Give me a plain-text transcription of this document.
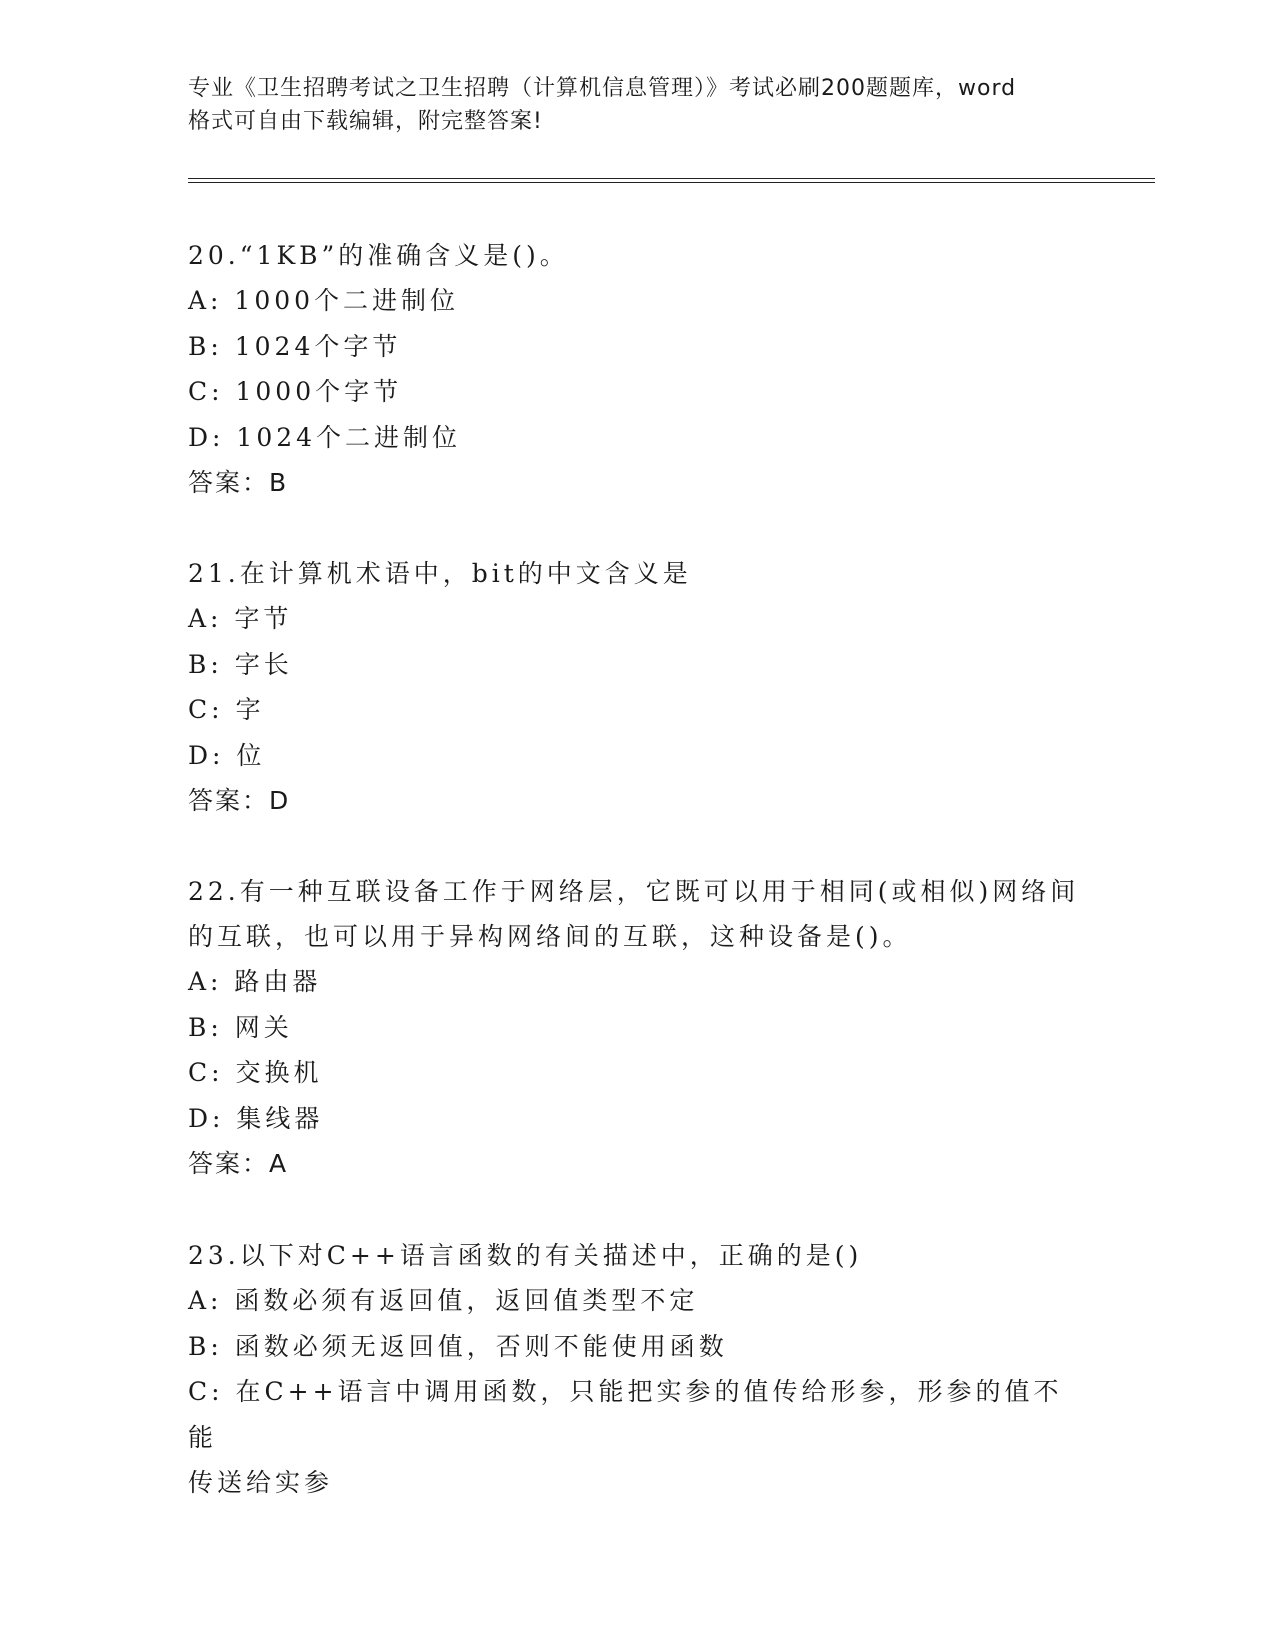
专业《卫生招聘考试之卫生招聘（计算机信息管理）》考试必刷200题题库，word
格式可自由下载编辑，附完整答案!

20.“1KB”的准确含义是()。

A: 1000个二进制位

B: 1024个字节

C: 1000个字节

D: 1024个二进制位

答案：B

21.在计算机术语中，bit的中文含义是

A: 字节

B: 字长

C: 字

D: 位

答案：D

22.有一种互联设备工作于网络层，它既可以用于相同(或相似)网络间

的互联，也可以用于异构网络间的互联，这种设备是()。

A: 路由器

B: 网关

C: 交换机

D: 集线器

答案：A

23.以下对C++语言函数的有关描述中，正确的是()

A: 函数必须有返回值，返回值类型不定

B: 函数必须无返回值，否则不能使用函数

C: 在C++语言中调用函数，只能把实参的值传给形参，形参的值不能

传送给实参
